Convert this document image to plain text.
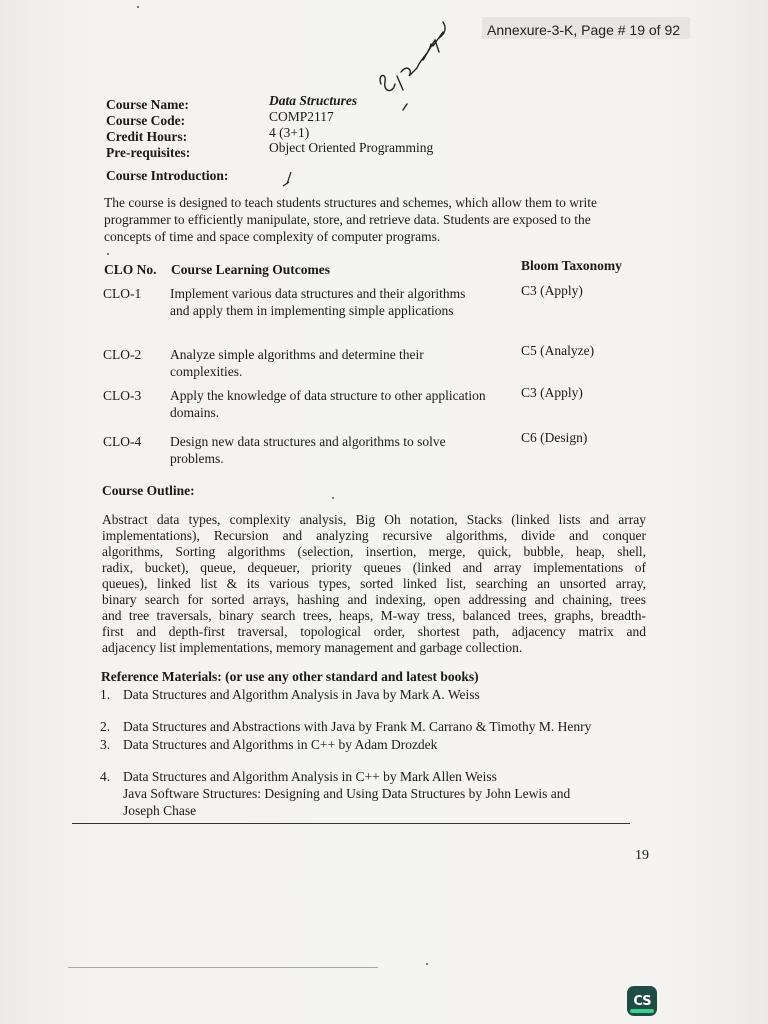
Annexure-3-K, Page # 19 of 92
Course Name:	Data Structures
Course Code:	COMP2117
Credit Hours:	4 (3+1)
Pre-requisites:	Object Oriented Programming
Course Introduction:
The course is designed to teach students structures and schemes, which allow them to write
programmer to efficiently manipulate, store, and retrieve data. Students are exposed to the
concepts of time and space complexity of computer programs.
CLO No. Course Learning Outcomes	Bloom Taxonomy
CLO-1 Implement various data structures and their algorithms
and apply them in implementing simple applications
C3 (Apply)
CLO-2 Analyze simple algorithms and determine their
complexities.
C5 (Analyze)
CLO-3 Apply the knowledge of data structure to other application
domains.
C3 (Apply)
CLO-4 Design new data structures and algorithms to solve
problems.
C6 (Design)
Course Outline:
Abstract data types, complexity analysis, Big Oh notation, Stacks (linked lists and array
implementations), Recursion and analyzing recursive algorithms, divide and conquer
algorithms, Sorting algorithms (selection, insertion, merge, quick, bubble, heap, shell,
radix, bucket), queue, dequeuer, priority queues (linked and array implementations of
queues), linked list & its various types, sorted linked list, searching an unsorted array,
binary search for sorted arrays, hashing and indexing, open addressing and chaining, trees
and tree traversals, binary search trees, heaps, M-way tress, balanced trees, graphs, breadth-
first and depth-first traversal, topological order, shortest path, adjacency matrix and
adjacency list implementations, memory management and garbage collection.
Reference Materials: (or use any other standard and latest books)
1. Data Structures and Algorithm Analysis in Java by Mark A. Weiss
2. Data Structures and Abstractions with Java by Frank M. Carrano & Timothy M. Henry
3. Data Structures and Algorithms in C++ by Adam Drozdek
4. Data Structures and Algorithm Analysis in C++ by Mark Allen Weiss
Java Software Structures: Designing and Using Data Structures by John Lewis and
Joseph Chase
19
CS
